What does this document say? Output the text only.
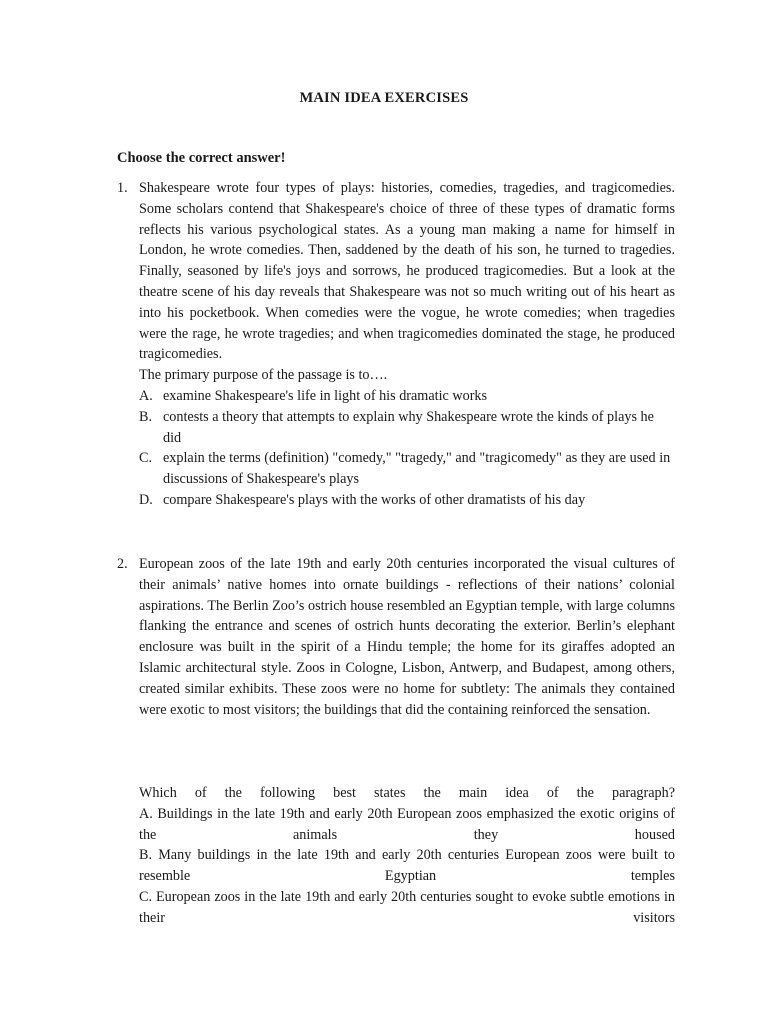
MAIN IDEA EXERCISES
Choose the correct answer!
1. Shakespeare wrote four types of plays: histories, comedies, tragedies, and tragicomedies. Some scholars contend that Shakespeare's choice of three of these types of dramatic forms reflects his various psychological states. As a young man making a name for himself in London, he wrote comedies. Then, saddened by the death of his son, he turned to tragedies. Finally, seasoned by life's joys and sorrows, he produced tragicomedies. But a look at the theatre scene of his day reveals that Shakespeare was not so much writing out of his heart as into his pocketbook. When comedies were the vogue, he wrote comedies; when tragedies were the rage, he wrote tragedies; and when tragicomedies dominated the stage, he produced tragicomedies.

The primary purpose of the passage is to….

A. examine Shakespeare's life in light of his dramatic works
B. contests a theory that attempts to explain why Shakespeare wrote the kinds of plays he did
C. explain the terms (definition) "comedy," "tragedy," and "tragicomedy" as they are used in discussions of Shakespeare's plays
D. compare Shakespeare's plays with the works of other dramatists of his day
2. European zoos of the late 19th and early 20th centuries incorporated the visual cultures of their animals’ native homes into ornate buildings - reflections of their nations’ colonial aspirations. The Berlin Zoo’s ostrich house resembled an Egyptian temple, with large columns flanking the entrance and scenes of ostrich hunts decorating the exterior. Berlin’s elephant enclosure was built in the spirit of a Hindu temple; the home for its giraffes adopted an Islamic architectural style. Zoos in Cologne, Lisbon, Antwerp, and Budapest, among others, created similar exhibits. These zoos were no home for subtlety: The animals they contained were exotic to most visitors; the buildings that did the containing reinforced the sensation.

Which of the following best states the main idea of the paragraph?

A. Buildings in the late 19th and early 20th European zoos emphasized the exotic origins of the animals they housed

B. Many buildings in the late 19th and early 20th centuries European zoos were built to resemble Egyptian temples

C. European zoos in the late 19th and early 20th centuries sought to evoke subtle emotions in their visitors
